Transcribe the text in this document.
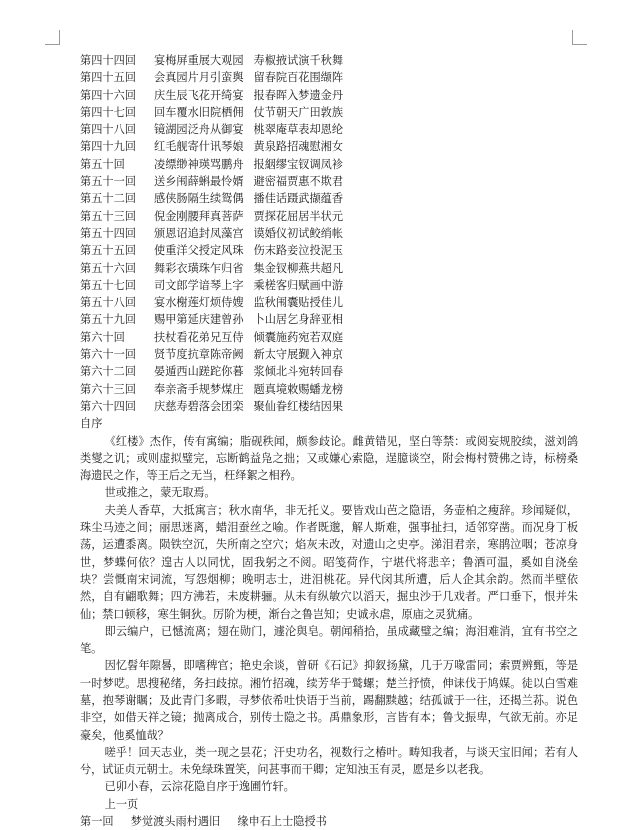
第四十四回 宴梅屏重展大观园 寿椒掖试演千秋舞
第四十五回 会真园片月引蛮舆 留春院百花围缬阵
第四十六回 庆生辰飞花开绮宴 报春晖入梦遗金丹
第四十七回 回车覆水旧院栖佣 仗节朝天广田敦族
第四十八回 镜湖园泛舟从御宴 桃翠庵草表却恩纶
第四十九回 红毛舰寄什讯琴娘 黄泉路招魂慰湘女
第五十回	凌缥缈神瑛骂鹏舟 报絪缪宝钗调凤袗
第五十一回 送乡闱薛蝌最怜婿 避密福贾惠不欺君
第五十二回 感侠肠隔生续鸳偶 播佳话蹑武撷蕴香
第五十三回 倪金刚腰拜真菩萨 贾探花屈居半状元
第五十四回 颁恩诏追封凤藻宫 谟婚仪初试鲛绡帐
第五十五回 使重洋父授定风珠 伤末路妾泣投泥玉
第五十六回 舞彩衣璜珠乍归省 集金钗柳燕共超凡
第五十七回 司文郎学谙琴上字 乘槎客归赋画中游
第五十八回 宴水榭莲灯烦侍嫂 监秋闱囊贴授佳儿
第五十九回 赐甲第延庆建曾孙 卜山居乞身辞亚相
第六十回	扶杖看花弟兄互侍 倾囊施药宛若双庭
第六十一回 贤节度抗章陈帝阙 新太守展觐入神京
第六十二回 晏遁西山蹉跎你暮 浆倾北斗宛转回春
第六十三回 奉亲斋手规梦煤庄 题真境敕赐蟠龙榜
第六十四回 庆慈寿碧落会团栾 聚仙眷红楼结因果

自序

《红楼》杰作，传有寓编；脂砚秩闻，颇参歧论。雌黄错见，坚白等禁：或阅妄规胶续，滋刘鸽类燮之讥；或则虚拟璧完，忘断鹤益凫之拙；又或嫌心索隐，逞臆谈空，附会梅村赞佛之诗，标榜桑海遗民之作，等王后之无当，枉绎絮之相矜。

世或推之，蒙无取焉。

夫美人香草，大抵寓言；秋水南华，非无托义。要皆戏山芭之隐语，务壶柏之瘦辞。珍闻疑似，珠尘马迹之间；丽思迷离，蜡泪蚕丝之喻。作者既邈，解人斯难，强事扯扫，适邻穿凿。而况身丁板荡，运遭黍离。陨铁空沉，失所南之空穴；焰灰未改，对遗山之史亭。涕泪君亲，寒鹃泣咽；苍凉身世，梦蝶何依？遑古人以同忧，固我躬之不阅。昭笺荷作，宁堪代将悲辛；鲁酒可温，奚如自浇垒块？尝慨南宋词流，写怨烟柳；晚明志士，进泪桃花。异代闵其所遭，后人企其余韵。然而半壁依然，自有翩歌舞；四方沸若，未废耕骊。从未有纵敏穴以滔天，掘虫沙于几戏者。严口垂下，恨并朱仙；禁口顿移，寒生铜狄。厉阶为梗，渐台之鲁岂知；史诚永虐，原庙之灵犹痛。

即云编户，已憾流离；翅在勋门，遽沦與皂。朝闻稍拾，虽成藏璧之编；海泪难消，宜有书空之笔。

因忆髫年隙晷，即嗜稗官；艳史余谈，曾研《石记》抑釵扬黛，几于万喙雷同；索贾辨甄，等是一时梦呓。思搜秘绪，务扫歧掠。湘竹招魂，续芳华于鹫螺；楚兰抒愤，伸诔伐于鸠媒。徒以白雪难墓，抱琴谢瞩；及此青门多暇，寻梦依希吐快语于当前，踢翻黩越；结孤诚于一往，还揭兰荪。说色非空，如借天祥之镜；抛离成合，别传士隐之书。禹鼎象形，言皆有本；鲁戈振卑，气欲无前。亦足豪矣，他奚恤哉？

嗟乎！回天志业，类一现之昙花；汗史功名，视数行之椿叶。畴知我者，与谈天宝旧闻；若有人兮，试证贞元朝士。未免绿珠置笑，问甚事而干卿；定知浊玉有灵，愿是乡以老我。

已卯小春，云淙花隐自序于逸圃竹轩。

上一页

第一回 梦觉渡头雨村遇旧 缘申石上士隐授书
